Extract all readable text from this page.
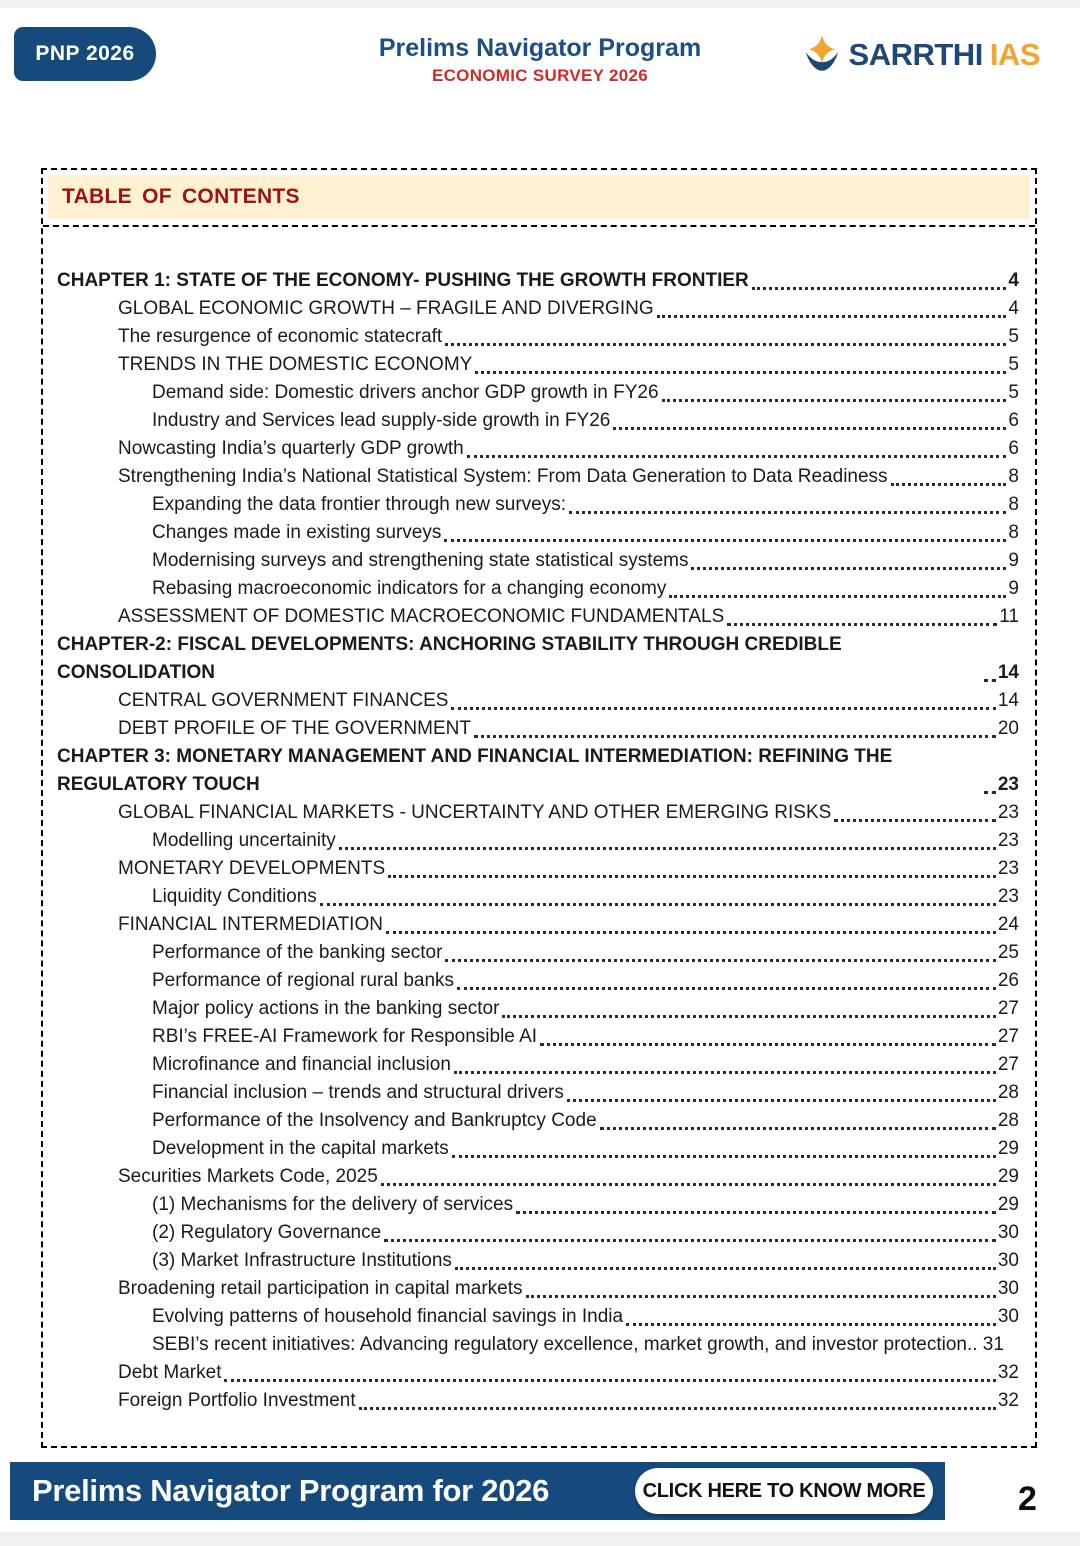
PNP 2026	Prelims Navigator Program
ECONOMIC SURVEY 2026
SARRTHI IAS
TABLE OF CONTENTS
CHAPTER 1: STATE OF THE ECONOMY- PUSHING THE GROWTH FRONTIER	4
GLOBAL ECONOMIC GROWTH – FRAGILE AND DIVERGING	4
The resurgence of economic statecraft	5
TRENDS IN THE DOMESTIC ECONOMY	5
Demand side: Domestic drivers anchor GDP growth in FY26	5
Industry and Services lead supply-side growth in FY26	6
Nowcasting India’s quarterly GDP growth	6
Strengthening India’s National Statistical System: From Data Generation to Data Readiness	8
Expanding the data frontier through new surveys:	8
Changes made in existing surveys	8
Modernising surveys and strengthening state statistical systems	9
Rebasing macroeconomic indicators for a changing economy	9
ASSESSMENT OF DOMESTIC MACROECONOMIC FUNDAMENTALS	11
CHAPTER-2: FISCAL DEVELOPMENTS: ANCHORING STABILITY THROUGH CREDIBLE CONSOLIDATION	14
CENTRAL GOVERNMENT FINANCES	14
DEBT PROFILE OF THE GOVERNMENT	20
CHAPTER 3: MONETARY MANAGEMENT AND FINANCIAL INTERMEDIATION: REFINING THE REGULATORY TOUCH	23
GLOBAL FINANCIAL MARKETS - UNCERTAINTY AND OTHER EMERGING RISKS	23
Modelling uncertainity	23
MONETARY DEVELOPMENTS	23
Liquidity Conditions	23
FINANCIAL INTERMEDIATION	24
Performance of the banking sector	25
Performance of regional rural banks	26
Major policy actions in the banking sector	27
RBI’s FREE-AI Framework for Responsible AI	27
Microfinance and financial inclusion	27
Financial inclusion – trends and structural drivers	28
Performance of the Insolvency and Bankruptcy Code	28
Development in the capital markets	29
Securities Markets Code, 2025	29
(1) Mechanisms for the delivery of services	29
(2) Regulatory Governance	30
(3) Market Infrastructure Institutions	30
Broadening retail participation in capital markets	30
Evolving patterns of household financial savings in India	30
SEBI’s recent initiatives: Advancing regulatory excellence, market growth, and investor protection.. 31
Debt Market	32
Foreign Portfolio Investment	32
Prelims Navigator Program for 2026	CLICK HERE TO KNOW MORE	2
